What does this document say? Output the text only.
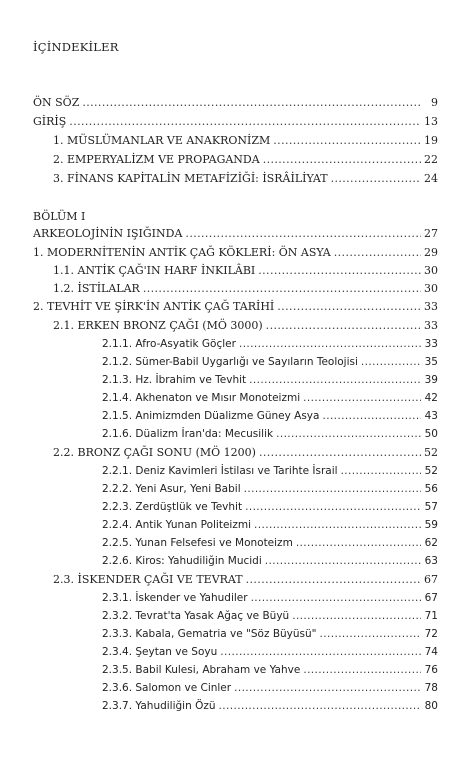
İÇİNDEKİLER
ÖN SÖZ .....	9
GİRİŞ .....	13
1. MÜSLÜMANLAR VE ANAKRONİZM .....	19
2. EMPERYALİZM VE PROPAGANDA .....	22
3. FİNANS KAPİTALİN METAFİZİĞİ: İSRÂİLİYAT .....	24
BÖLÜM I
ARKEOLOJİNİN IŞIĞINDA .....	27
1. MODERNİTENİN ANTİK ÇAĞ KÖKLERİ: ÖN ASYA .....	29
1.1. ANTİK ÇAĞ'IN HARF İNKILÂBI .....	30
1.2. İSTİLALAR .....	30
2. TEVHİT VE ŞİRK'İN ANTİK ÇAĞ TARİHİ .....	33
2.1. ERKEN BRONZ ÇAĞI (MÖ 3000) .....	33
2.1.1. Afro-Asyatik Göçler .....	33
2.1.2. Sümer-Babil Uygarlığı ve Sayıların Teolojisi .....	35
2.1.3. Hz. İbrahim ve Tevhit .....	39
2.1.4. Akhenaton ve Mısır Monoteizmi .....	42
2.1.5. Animizmden Düalizme Güney Asya .....	43
2.1.6. Düalizm İran'da: Mecusilik .....	50
2.2. BRONZ ÇAĞI SONU (MÖ 1200) .....	52
2.2.1. Deniz Kavimleri İstilası ve Tarihte İsrail .....	52
2.2.2. Yeni Asur, Yeni Babil .....	56
2.2.3. Zerdüştlük ve Tevhit .....	57
2.2.4. Antik Yunan Politeizmi .....	59
2.2.5. Yunan Felsefesi ve Monoteizm .....	62
2.2.6. Kiros: Yahudiliğin Mucidi .....	63
2.3. İSKENDER ÇAĞI VE TEVRAT .....	67
2.3.1. İskender ve Yahudiler .....	67
2.3.2. Tevrat'ta Yasak Ağaç ve Büyü .....	71
2.3.3. Kabala, Gematria ve "Söz Büyüsü" .....	72
2.3.4. Şeytan ve Soyu .....	74
2.3.5. Babil Kulesi, Abraham ve Yahve .....	76
2.3.6. Salomon ve Cinler .....	78
2.3.7. Yahudiliğin Özü .....	80
